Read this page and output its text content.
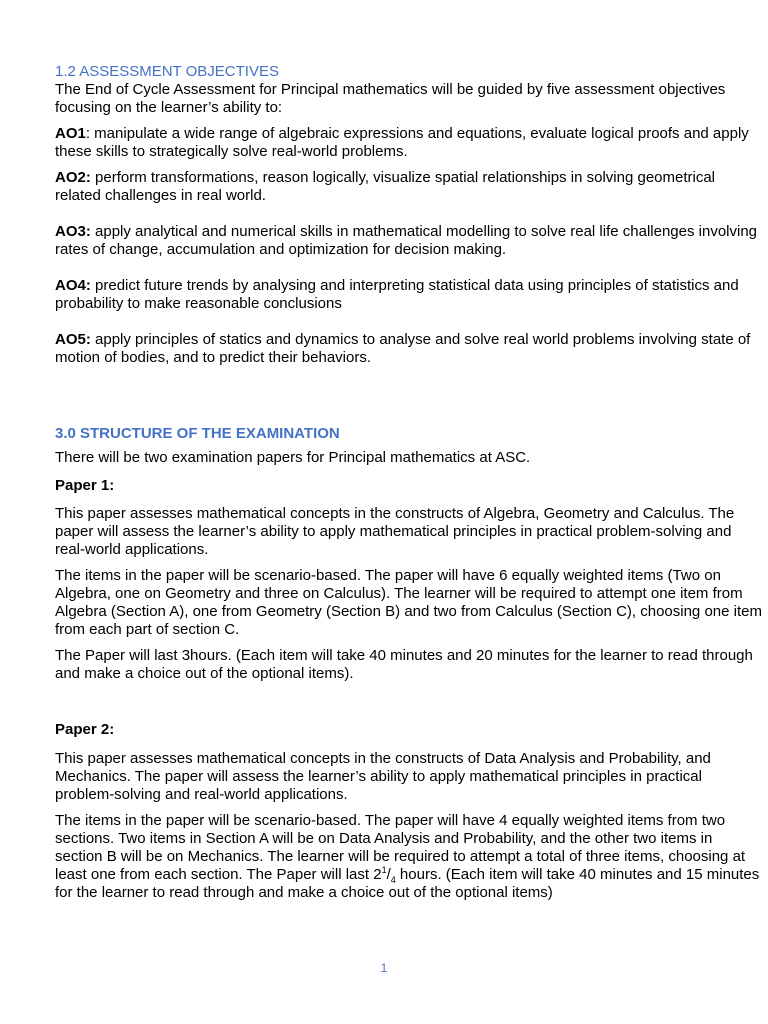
1.2 ASSESSMENT OBJECTIVES

The End of Cycle Assessment for Principal mathematics will be guided by five assessment objectives focusing on the learner’s ability to:

AO1: manipulate a wide range of algebraic expressions and equations, evaluate logical proofs and apply these skills to strategically solve real-world problems.

AO2: perform transformations, reason logically, visualize spatial relationships in solving geometrical related challenges in real world.

AO3: apply analytical and numerical skills in mathematical modelling to solve real life challenges involving rates of change, accumulation and optimization for decision making.

AO4: predict future trends by analysing and interpreting statistical data using principles of statistics and probability to make reasonable conclusions

AO5: apply principles of statics and dynamics to analyse and solve real world problems involving state of motion of bodies, and to predict their behaviors.

3.0 STRUCTURE OF THE EXAMINATION

There will be two examination papers for Principal mathematics at ASC.

Paper 1:

This paper assesses mathematical concepts in the constructs of Algebra, Geometry and Calculus. The paper will assess the learner’s ability to apply mathematical principles in practical problem-solving and real-world applications.

The items in the paper will be scenario-based. The paper will have 6 equally weighted items (Two on Algebra, one on Geometry and three on Calculus). The learner will be required to attempt one item from Algebra (Section A), one from Geometry (Section B) and two from Calculus (Section C), choosing one item from each part of section C.

The Paper will last 3hours. (Each item will take 40 minutes and 20 minutes for the learner to read through and make a choice out of the optional items).

Paper 2:

This paper assesses mathematical concepts in the constructs of Data Analysis and Probability, and Mechanics. The paper will assess the learner’s ability to apply mathematical principles in practical problem-solving and real-world applications.

The items in the paper will be scenario-based. The paper will have 4 equally weighted items from two sections. Two items in Section A will be on Data Analysis and Probability, and the other two items in section B will be on Mechanics. The learner will be required to attempt a total of three items, choosing at least one from each section. The Paper will last $2^1/_4$ hours. (Each item will take 40 minutes and 15 minutes for the learner to read through and make a choice out of the optional items)

1
